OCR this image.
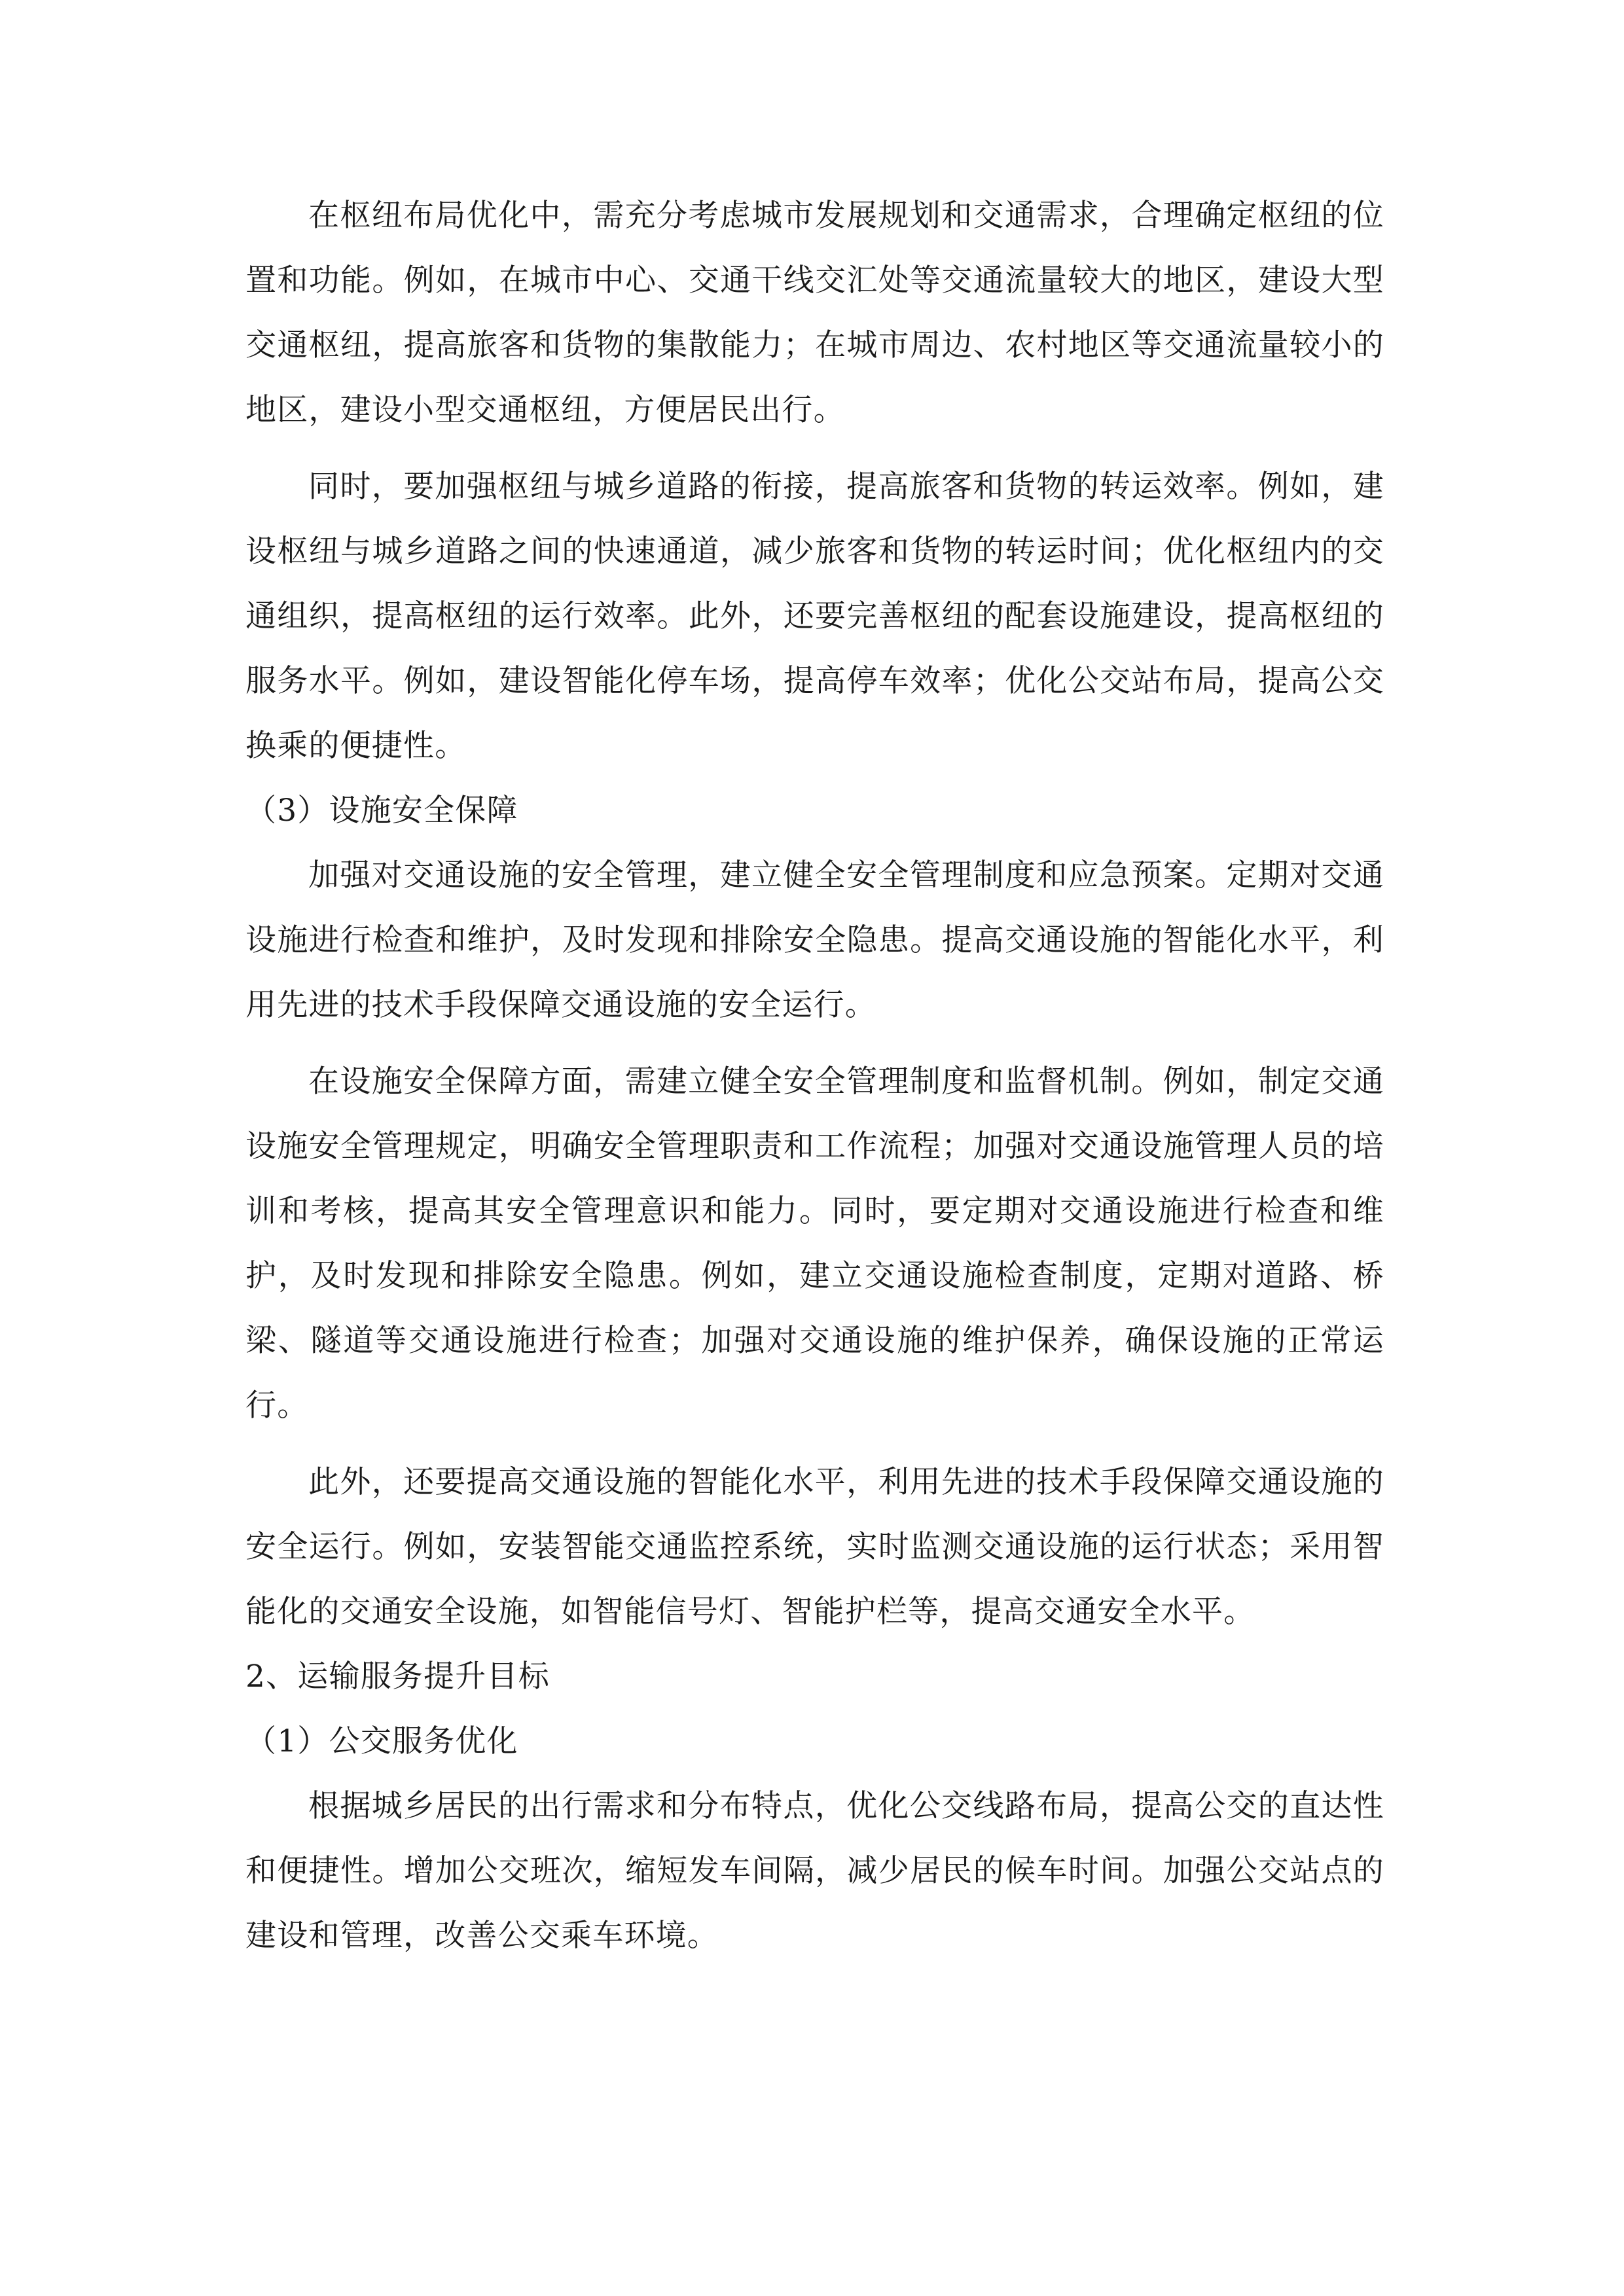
在枢纽布局优化中，需充分考虑城市发展规划和交通需求，合理确定枢纽的位置和功能。例如，在城市中心、交通干线交汇处等交通流量较大的地区，建设大型交通枢纽，提高旅客和货物的集散能力；在城市周边、农村地区等交通流量较小的地区，建设小型交通枢纽，方便居民出行。

同时，要加强枢纽与城乡道路的衔接，提高旅客和货物的转运效率。例如，建设枢纽与城乡道路之间的快速通道，减少旅客和货物的转运时间；优化枢纽内的交通组织，提高枢纽的运行效率。此外，还要完善枢纽的配套设施建设，提高枢纽的服务水平。例如，建设智能化停车场，提高停车效率；优化公交站布局，提高公交换乘的便捷性。

（3）设施安全保障

加强对交通设施的安全管理，建立健全安全管理制度和应急预案。定期对交通设施进行检查和维护，及时发现和排除安全隐患。提高交通设施的智能化水平，利用先进的技术手段保障交通设施的安全运行。

在设施安全保障方面，需建立健全安全管理制度和监督机制。例如，制定交通设施安全管理规定，明确安全管理职责和工作流程；加强对交通设施管理人员的培训和考核，提高其安全管理意识和能力。同时，要定期对交通设施进行检查和维护，及时发现和排除安全隐患。例如，建立交通设施检查制度，定期对道路、桥梁、隧道等交通设施进行检查；加强对交通设施的维护保养，确保设施的正常运行。

此外，还要提高交通设施的智能化水平，利用先进的技术手段保障交通设施的安全运行。例如，安装智能交通监控系统，实时监测交通设施的运行状态；采用智能化的交通安全设施，如智能信号灯、智能护栏等，提高交通安全水平。

2、运输服务提升目标

（1）公交服务优化

根据城乡居民的出行需求和分布特点，优化公交线路布局，提高公交的直达性和便捷性。增加公交班次，缩短发车间隔，减少居民的候车时间。加强公交站点的建设和管理，改善公交乘车环境。
